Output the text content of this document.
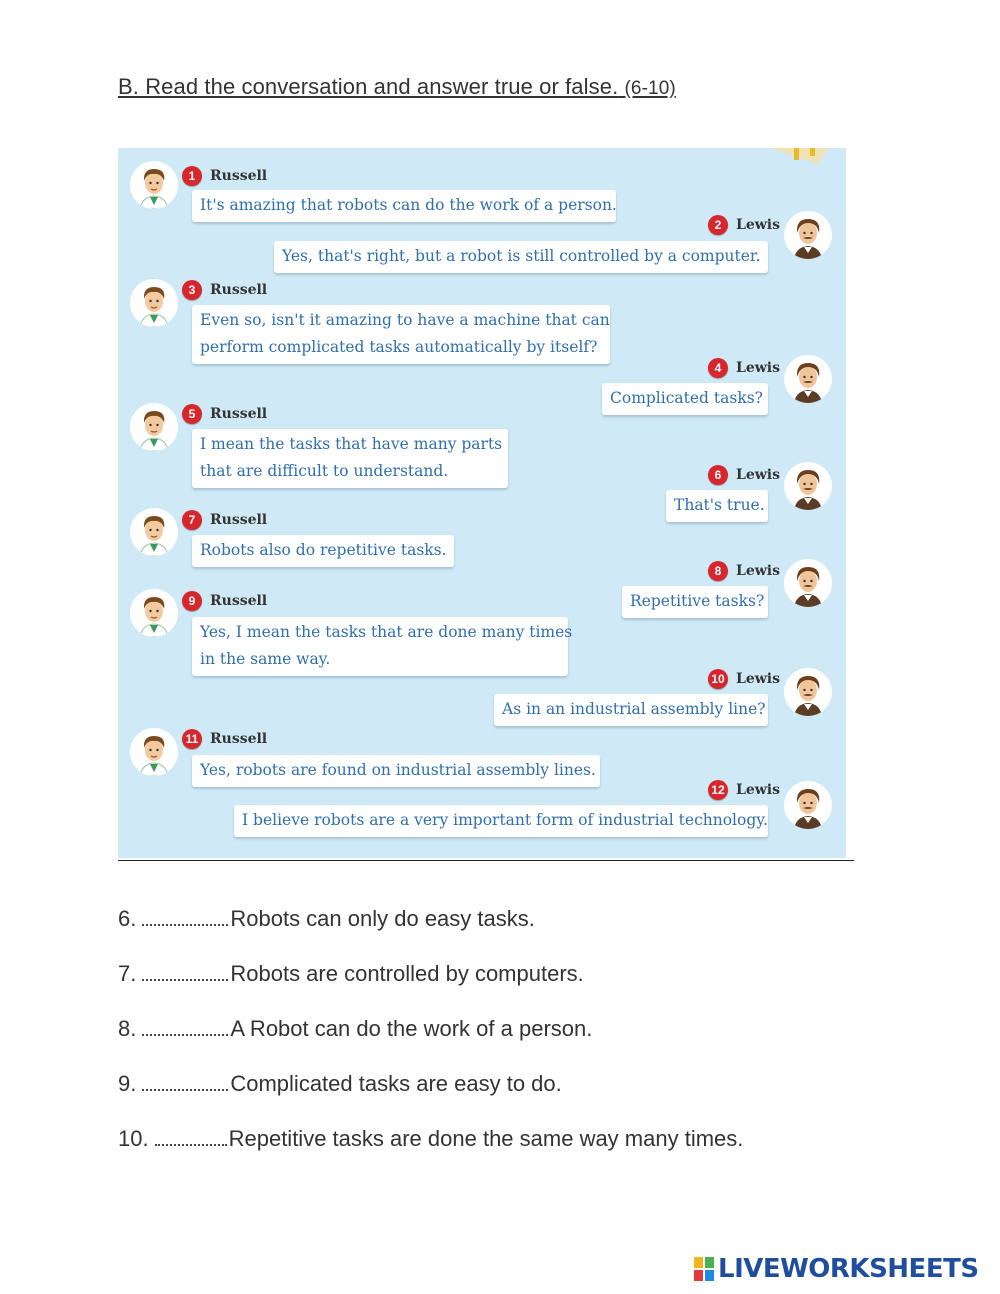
B. Read the conversation and answer true or false. (6-10)
1	Russell
It's amazing that robots can do the work of a person.
2	Lewis
Yes, that's right, but a robot is still controlled by a computer.
3	Russell
Even so, isn't it amazing to have a machine that can
perform complicated tasks automatically by itself?
4	Lewis
Complicated tasks?
5	Russell
I mean the tasks that have many parts
that are difficult to understand.	6	Lewis
That's true.
7	Russell
Robots also do repetitive tasks.
8	Lewis
Repetitive tasks?
9	Russell
Yes, I mean the tasks that are done many times
in the same way.
10 Lewis
As in an industrial assembly line?
11 Russell
Yes, robots are found on industrial assembly lines.
12 Lewis
I believe robots are a very important form of industrial technology.
6.	Robots can only do easy tasks.
7.	Robots are controlled by computers.
8.	A Robot can do the work of a person.
9.	Complicated tasks are easy to do.
10.	Repetitive tasks are done the same way many times.
LIVEWORKSHEETS
